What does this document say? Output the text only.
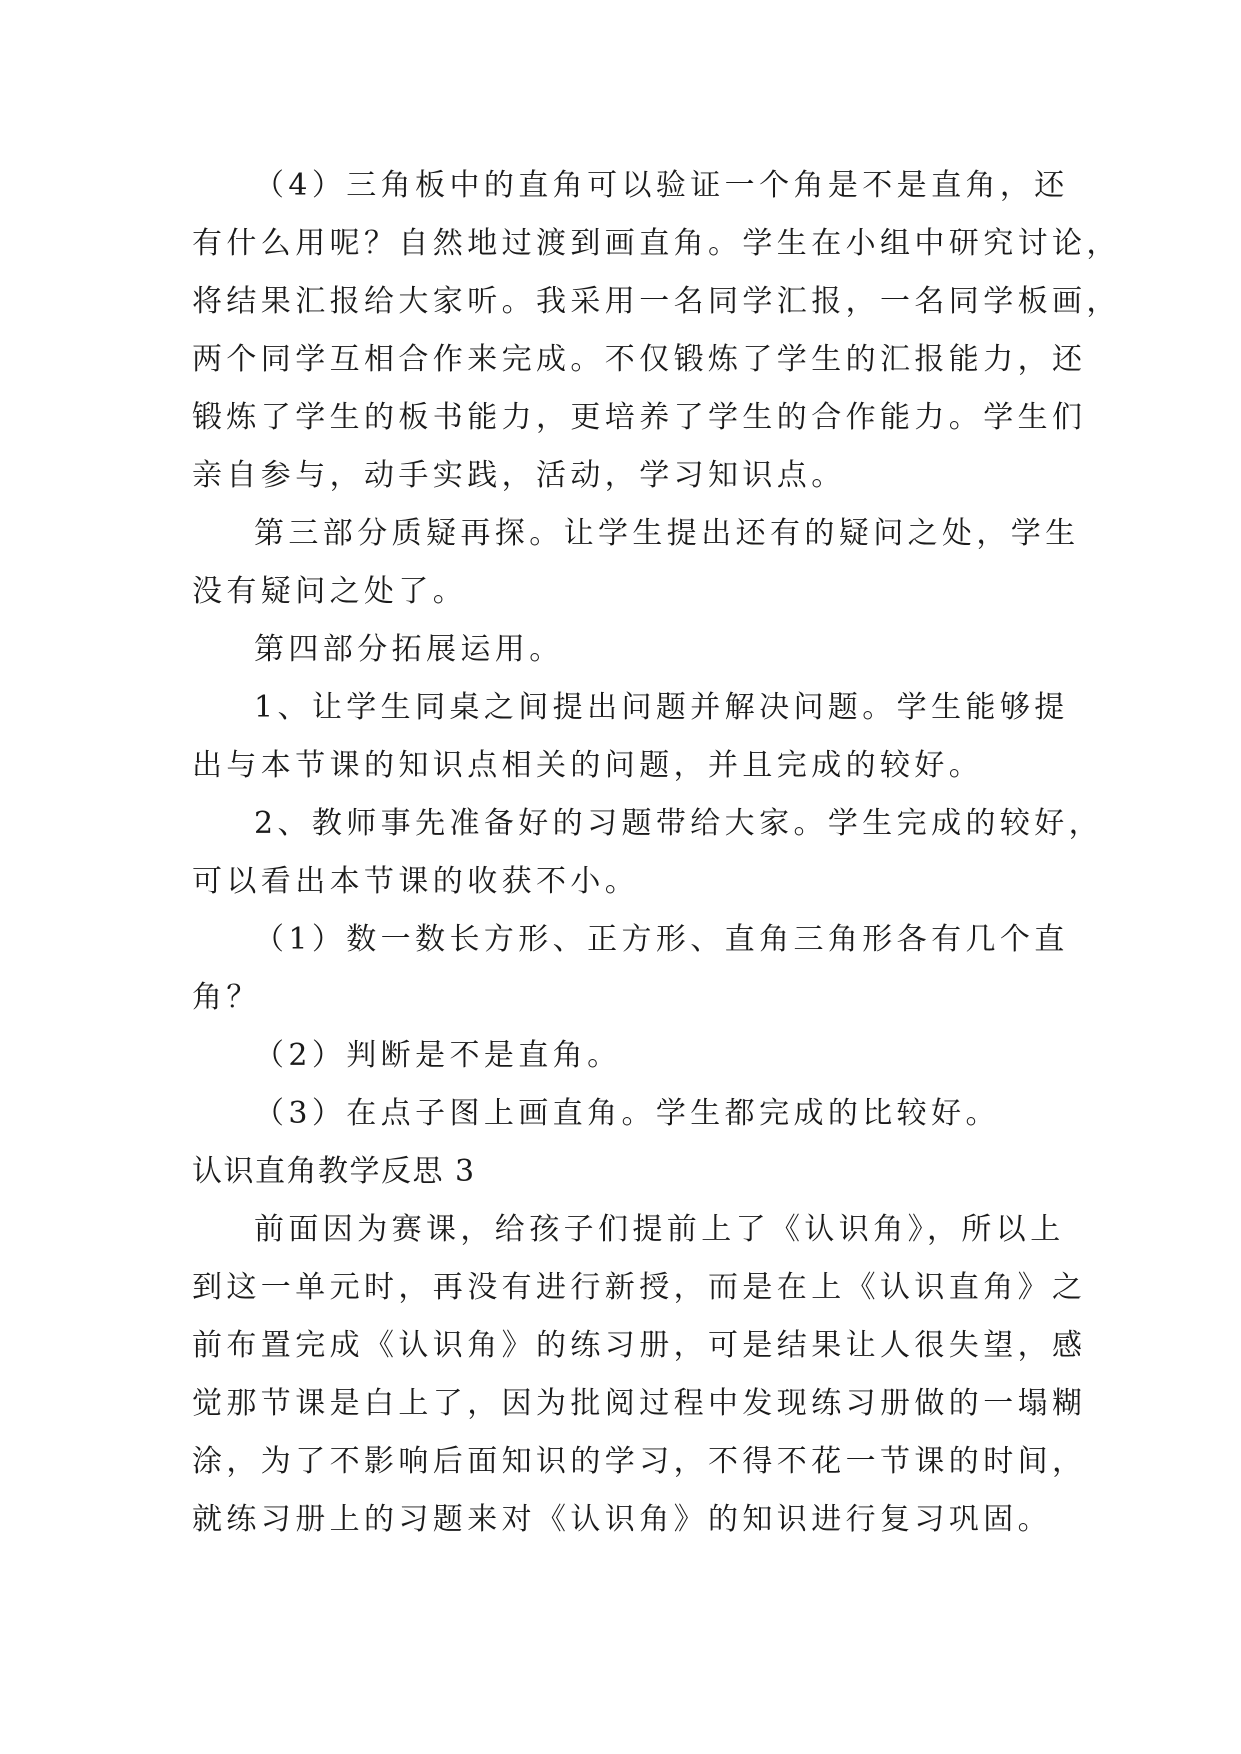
（4）三角板中的直角可以验证一个角是不是直角，还
有什么用呢？自然地过渡到画直角。学生在小组中研究讨论，
将结果汇报给大家听。我采用一名同学汇报，一名同学板画，
两个同学互相合作来完成。不仅锻炼了学生的汇报能力，还
锻炼了学生的板书能力，更培养了学生的合作能力。学生们
亲自参与，动手实践，活动，学习知识点。
第三部分质疑再探。让学生提出还有的疑问之处，学生
没有疑问之处了。
第四部分拓展运用。
1、让学生同桌之间提出问题并解决问题。学生能够提
出与本节课的知识点相关的问题，并且完成的较好。
2、教师事先准备好的习题带给大家。学生完成的较好，
可以看出本节课的收获不小。
（1）数一数长方形、正方形、直角三角形各有几个直
角？
（2）判断是不是直角。
（3）在点子图上画直角。学生都完成的比较好。
认识直角教学反思 3
前面因为赛课，给孩子们提前上了《认识角》，所以上
到这一单元时，再没有进行新授，而是在上《认识直角》之
前布置完成《认识角》的练习册，可是结果让人很失望，感
觉那节课是白上了，因为批阅过程中发现练习册做的一塌糊
涂，为了不影响后面知识的学习，不得不花一节课的时间，
就练习册上的习题来对《认识角》的知识进行复习巩固。
